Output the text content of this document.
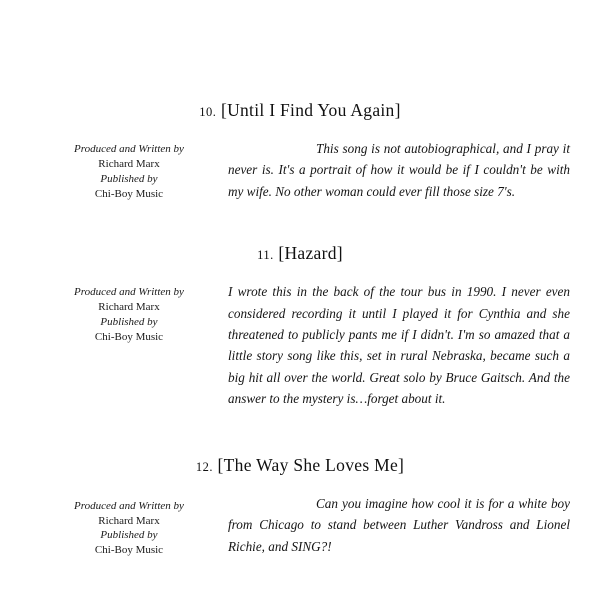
10. [Until I Find You Again]
Produced and Written by
Richard Marx
Published by
Chi-Boy Music

This song is not autobiographical, and I pray it never is. It's a portrait of how it would be if I couldn't be with my wife. No other woman could ever fill those size 7's.

11. [Hazard]
Produced and Written by
Richard Marx
Published by
Chi-Boy Music

I wrote this in the back of the tour bus in 1990. I never even considered recording it until I played it for Cynthia and she threatened to publicly pants me if I didn't. I'm so amazed that a little story song like this, set in rural Nebraska, became such a big hit all over the world. Great solo by Bruce Gaitsch. And the answer to the mystery is…forget about it.

12. [The Way She Loves Me]
Produced and Written by
Richard Marx
Published by
Chi-Boy Music

Can you imagine how cool it is for a white boy from Chicago to stand between Luther Vandross and Lionel Richie, and SING?!
